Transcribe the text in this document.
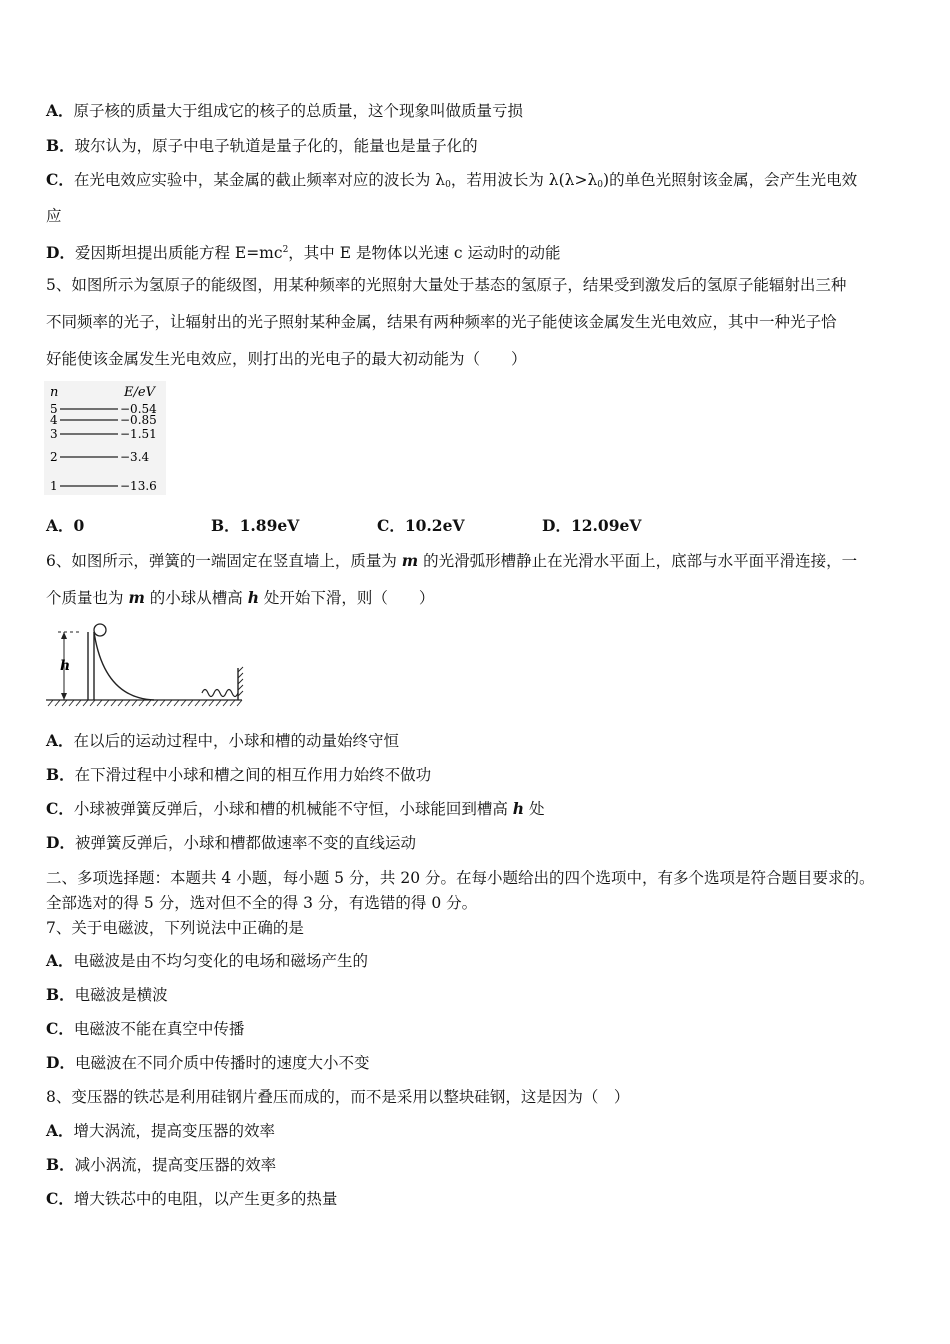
A．原子核的质量大于组成它的核子的总质量，这个现象叫做质量亏损
B．玻尔认为，原子中电子轨道是量子化的，能量也是量子化的
C．在光电效应实验中，某金属的截止频率对应的波长为 $\lambda_0$，若用波长为 $\lambda(\lambda>\lambda_0)$的单色光照射该金属，会产生光电效
应
D．爱因斯坦提出质能方程 $E=mc^2$，其中 E 是物体以光速 c 运动时的动能
5、如图所示为氢原子的能级图，用某种频率的光照射大量处于基态的氢原子，结果受到激发后的氢原子能辐射出三种
不同频率的光子，让辐射出的光子照射某种金属，结果有两种频率的光子能使该金属发生光电效应，其中一种光子恰
好能使该金属发生光电效应，则打出的光电子的最大初动能为（　　）
n	E/eV
5	−0.54
4	−0.85
3	−1.51
2	−3.4
1	−13.6
A．0	B．1.89eV	C．10.2eV	D．12.09eV
6、如图所示，弹簧的一端固定在竖直墙上，质量为 m 的光滑弧形槽静止在光滑水平面上，底部与水平面平滑连接，一
个质量也为 m 的小球从槽高 h 处开始下滑，则（　　）
h
A．在以后的运动过程中，小球和槽的动量始终守恒
B．在下滑过程中小球和槽之间的相互作用力始终不做功
C．小球被弹簧反弹后，小球和槽的机械能不守恒，小球能回到槽高 h 处
D．被弹簧反弹后，小球和槽都做速率不变的直线运动
二、多项选择题：本题共 4 小题，每小题 5 分，共 20 分。在每小题给出的四个选项中，有多个选项是符合题目要求的。
全部选对的得 5 分，选对但不全的得 3 分，有选错的得 0 分。
7、关于电磁波，下列说法中正确的是
A．电磁波是由不均匀变化的电场和磁场产生的
B．电磁波是横波
C．电磁波不能在真空中传播
D．电磁波在不同介质中传播时的速度大小不变
8、变压器的铁芯是利用硅钢片叠压而成的，而不是采用以整块硅钢，这是因为（　）
A．增大涡流，提高变压器的效率
B．减小涡流，提高变压器的效率
C．增大铁芯中的电阻，以产生更多的热量
